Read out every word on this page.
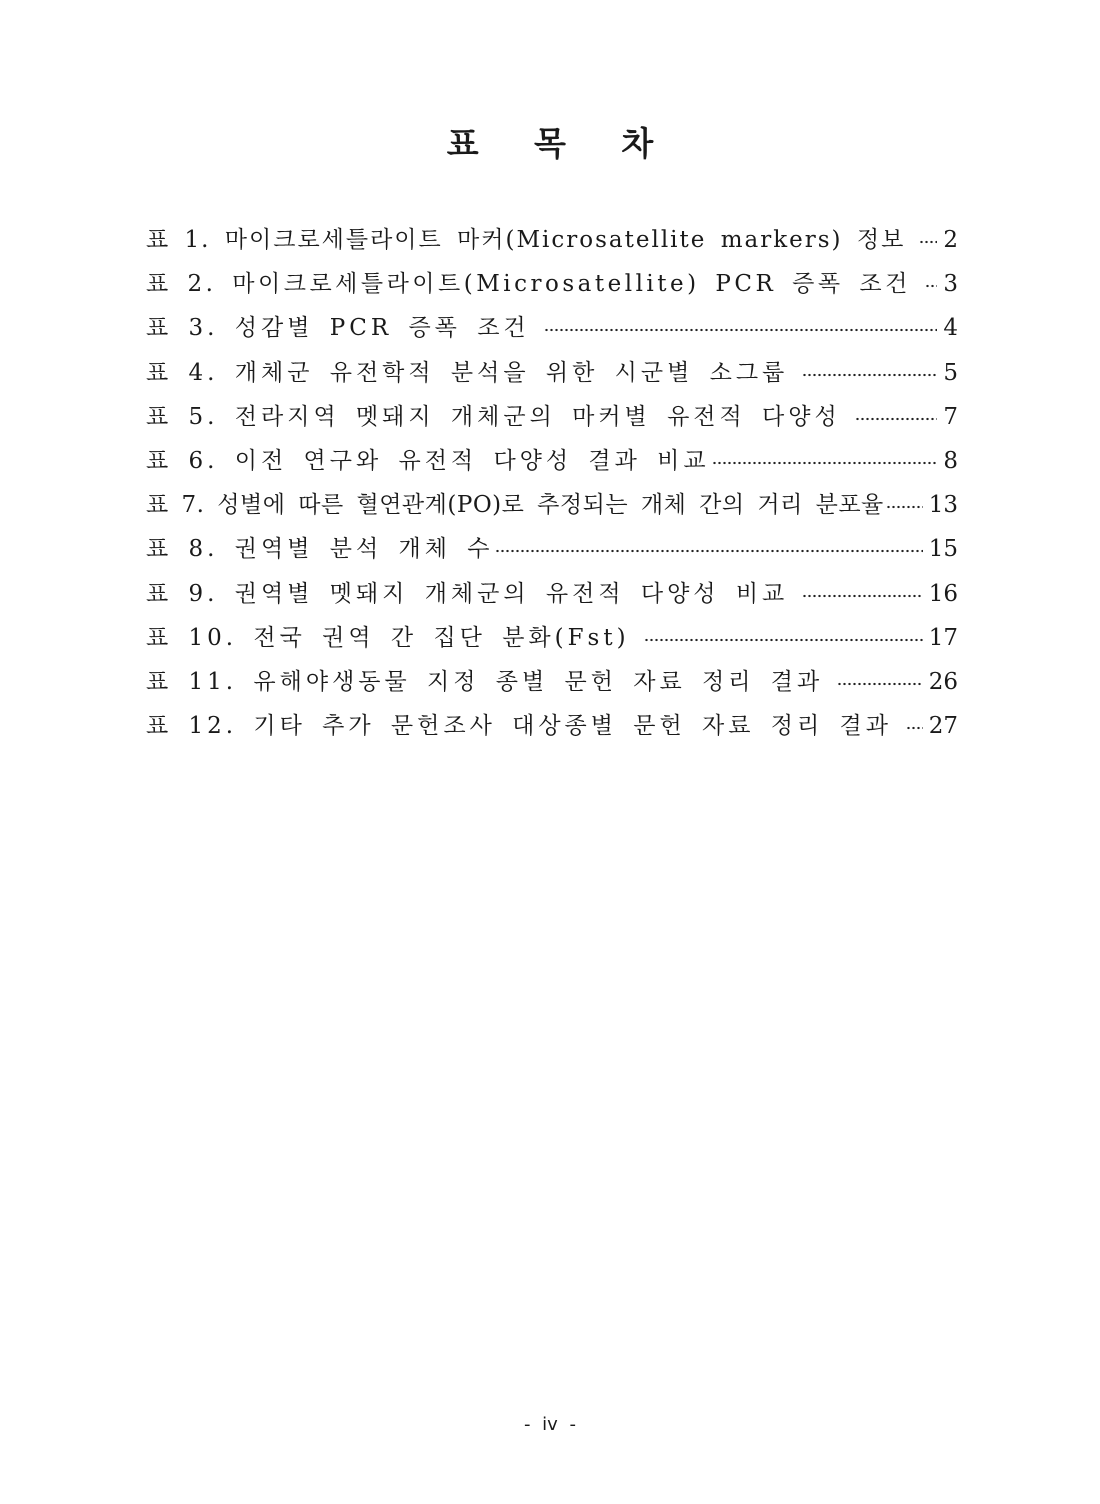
표 목 차
표 1. 마이크로세틀라이트 마커(Microsatellite markers) 정보 2
표 2. 마이크로세틀라이트(Microsatellite) PCR 증폭 조건 3
표 3. 성감별 PCR 증폭 조건	4
표 4. 개체군 유전학적 분석을 위한 시군별 소그룹	5
표 5. 전라지역 멧돼지 개체군의 마커별 유전적 다양성	7
표 6. 이전 연구와 유전적 다양성 결과 비교	8
표 7. 성별에 따른 혈연관계(PO)로 추정되는 개체 간의 거리 분포율 13
표 8. 권역별 분석 개체 수	15
표 9. 권역별 멧돼지 개체군의 유전적 다양성 비교	16
표 10. 전국 권역 간 집단 분화(Fst)	17
표 11. 유해야생동물 지정 종별 문헌 자료 정리 결과	26
표 12. 기타 추가 문헌조사 대상종별 문헌 자료 정리 결과 27
- iv -
